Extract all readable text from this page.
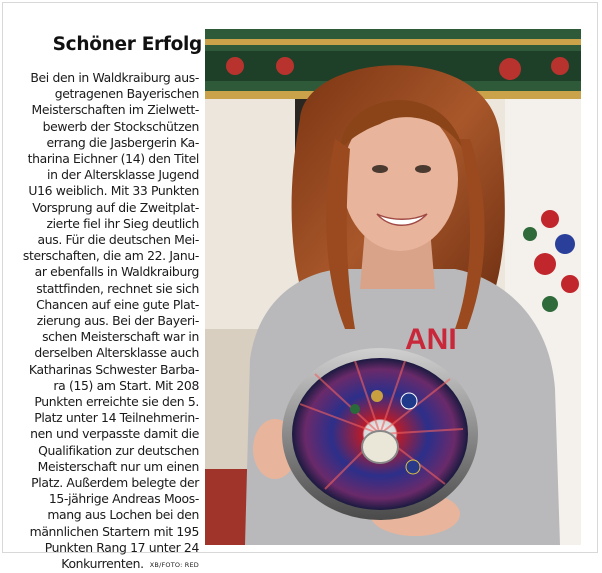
Schöner Erfolg
Bei den in Waldkraiburg aus-
getragenen Bayerischen
Meisterschaften im Zielwett-
bewerb der Stockschützen
errang die Jasbergerin Ka-
tharina Eichner (14) den Titel
in der Altersklasse Jugend
U16 weiblich. Mit 33 Punkten
Vorsprung auf die Zweitplat-
zierte fiel ihr Sieg deutlich
aus. Für die deutschen Mei-
sterschaften, die am 22. Janu-
ar ebenfalls in Waldkraiburg
stattfinden, rechnet sie sich
Chancen auf eine gute Plat-
zierung aus. Bei der Bayeri-
schen Meisterschaft war in
derselben Altersklasse auch
Katharinas Schwester Barba-
ra (15) am Start. Mit 208
Punkten erreichte sie den 5.
Platz unter 14 Teilnehmerin-
nen und verpasste damit die
Qualifikation zur deutschen
Meisterschaft nur um einen
Platz. Außerdem belegte der
15-jährige Andreas Moos-
mang aus Lochen bei den
männlichen Startern mit 195
Punkten Rang 17 unter 24
Konkurrenten. XB/FOTO: RED
ANI
